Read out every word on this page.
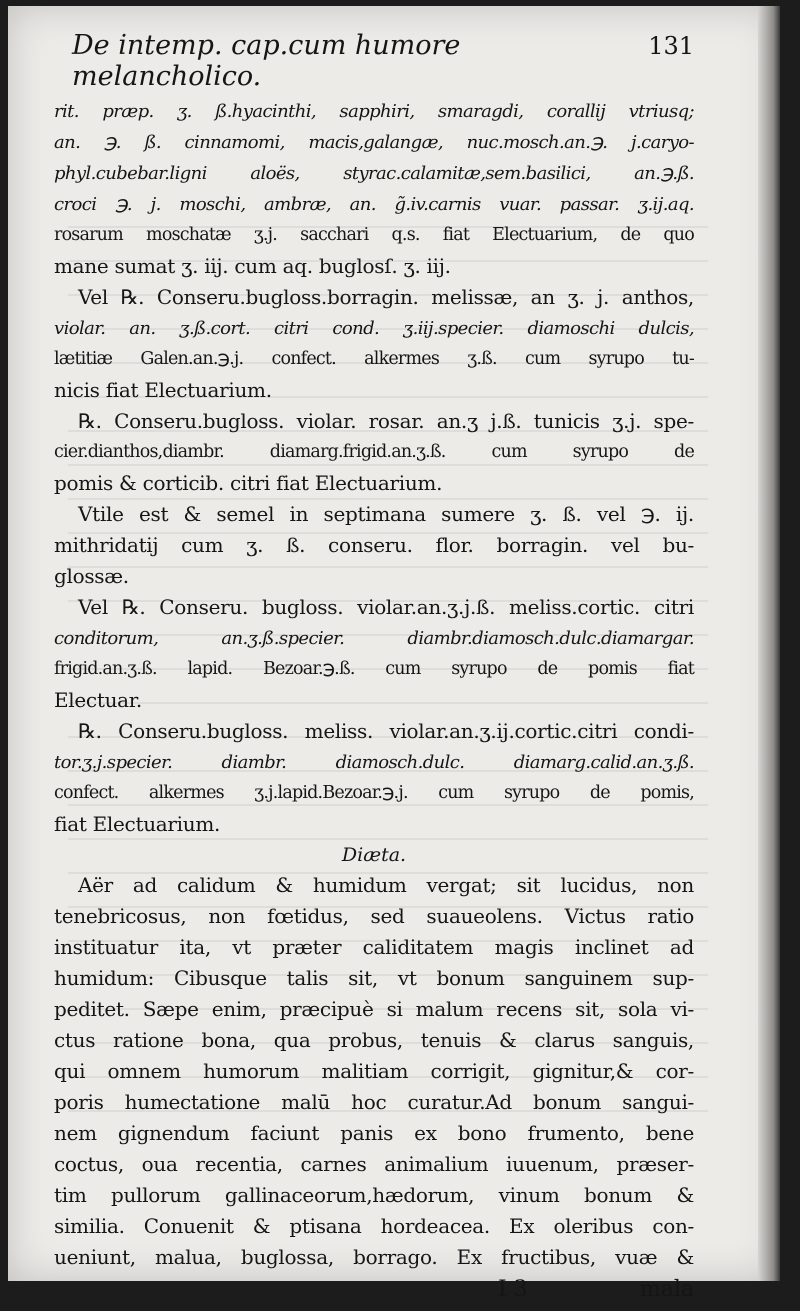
De intemp. cap.cum humore melancholico.
131
rit. præp. ʒ. ß.hyacinthi, sapphiri, smaragdi, corallij vtriusq;
an. ℈. ß. cinnamomi, macis,galangæ, nuc.mosch.an.℈. j.caryo-
phyl.cubebar.ligni aloës, styrac.calamitæ,sem.basilici, an.℈.ß.
croci ℈. j. moschi, ambræ, an. g̃.iv.carnis vuar. passar. ʒ.ij.aq.
rosarum moschatæ ʒ.j. sacchari q.s. fiat Electuarium, de quo
mane sumat ʒ. iij. cum aq. buglosſ. ʒ. iij.
Vel ℞. Conseru.bugloss.borragin. melissæ, an ʒ. j. anthos,
violar. an. ʒ.ß.cort. citri cond. ʒ.iij.specier. diamoschi dulcis,
lætitiæ Galen.an.℈.j. confect. alkermes ʒ.ß. cum syrupo tu-
nicis fiat Electuarium.
℞. Conseru.bugloss. violar. rosar. an.ʒ j.ß. tunicis ʒ.j. spe-
cier.dianthos,diambr. diamarg.frigid.an.ʒ.ß. cum syrupo de
pomis & corticib. citri fiat Electuarium.
Vtile est & semel in septimana sumere ʒ. ß. vel ℈. ij.
mithridatij cum ʒ. ß. conseru. flor. borragin. vel bu-
glossæ.
Vel ℞. Conseru. bugloss. violar.an.ʒ.j.ß. meliss.cortic. citri
conditorum, an.ʒ.ß.specier. diambr.diamosch.dulc.diamargar.
frigid.an.ʒ.ß. lapid. Bezoar.℈.ß. cum syrupo de pomis fiat
Electuar.
℞. Conseru.bugloss. meliss. violar.an.ʒ.ij.cortic.citri condi-
tor.ʒ.j.specier. diambr. diamosch.dulc. diamarg.calid.an.ʒ.ß.
confect. alkermes ʒ.j.lapid.Bezoar.℈.j. cum syrupo de pomis,
fiat Electuarium.
Diæta.
Aër ad calidum & humidum vergat; sit lucidus, non
tenebricosus, non fœtidus, sed suaueolens. Victus ratio
instituatur ita, vt præter caliditatem magis inclinet ad
humidum: Cibusque talis sit, vt bonum sanguinem sup-
peditet. Sæpe enim, præcipuè si malum recens sit, sola vi-
ctus ratione bona, qua probus, tenuis & clarus sanguis,
qui omnem humorum malitiam corrigit, gignitur,& cor-
poris humectatione malū hoc curatur.Ad bonum sangui-
nem gignendum faciunt panis ex bono frumento, bene
coctus, oua recentia, carnes animalium iuuenum, præser-
tim pullorum gallinaceorum,hædorum, vinum bonum &
similia. Conuenit & ptisana hordeacea. Ex oleribus con-
ueniunt, malua, buglossa, borrago. Ex fructibus, vuæ &
I 3	mala
